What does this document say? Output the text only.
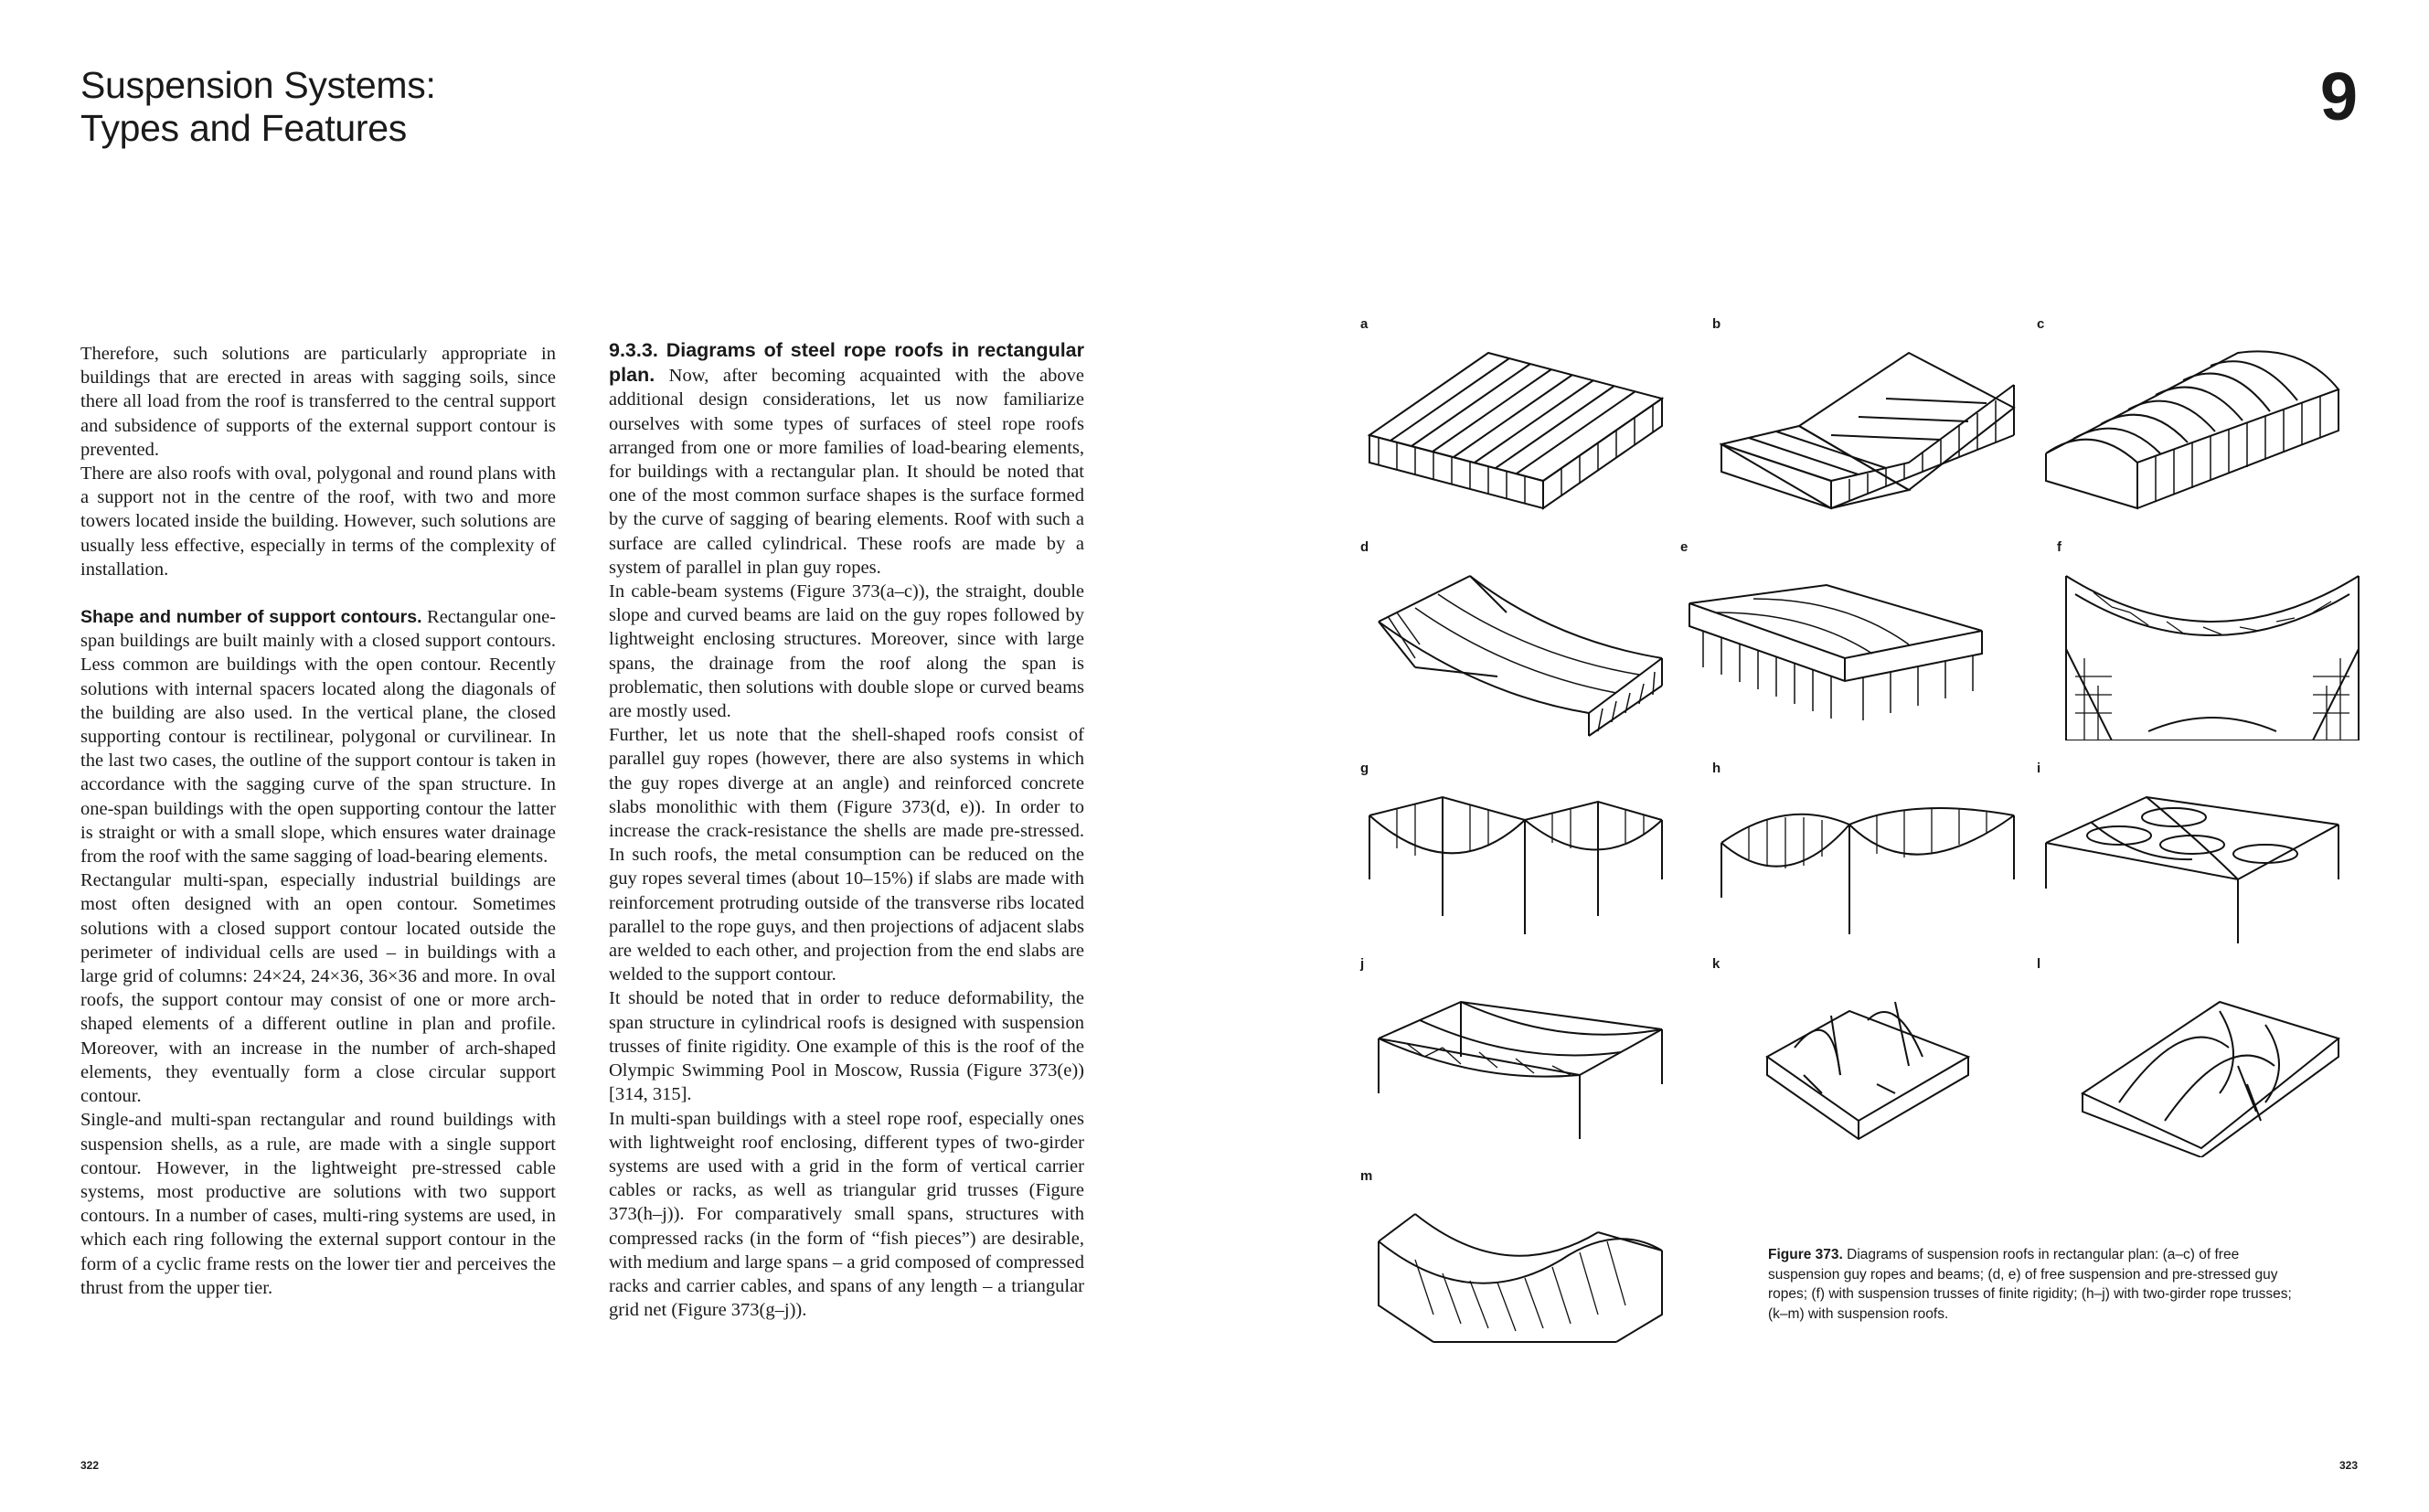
Suspension Systems:
Types and Features	9

Therefore, such solutions are particularly appropriate in buildings that are erected in areas with sagging soils, since there all load from the roof is transferred to the central support and subsidence of supports of the external support contour is prevented.

There are also roofs with oval, polygonal and round plans with a support not in the centre of the roof, with two and more towers located inside the building. However, such solutions are usually less effective, especially in terms of the complexity of installation.

Shape and number of support contours. Rectangular one-span buildings are built mainly with a closed support contours. Less common are buildings with the open contour. Recently solutions with internal spacers located along the diagonals of the building are also used. In the vertical plane, the closed supporting contour is rectilinear, polygonal or curvilinear. In the last two cases, the outline of the support contour is taken in accordance with the sagging curve of the span structure. In one-span buildings with the open supporting contour the latter is straight or with a small slope, which ensures water drainage from the roof with the same sagging of load-bearing elements.

Rectangular multi-span, especially industrial buildings are most often designed with an open contour. Sometimes solutions with a closed support contour located outside the perimeter of individual cells are used – in buildings with a large grid of columns: 24×24, 24×36, 36×36 and more. In oval roofs, the support contour may consist of one or more arch-shaped elements of a different outline in plan and profile. Moreover, with an increase in the number of arch-shaped elements, they eventually form a close circular support contour.

Single-and multi-span rectangular and round buildings with suspension shells, as a rule, are made with a single support contour. However, in the lightweight pre-stressed cable systems, most productive are solutions with two support contours. In a number of cases, multi-ring systems are used, in which each ring following the external support contour in the form of a cyclic frame rests on the lower tier and perceives the thrust from the upper tier.

9.3.3. Diagrams of steel rope roofs in rectangular plan. Now, after becoming acquainted with the above additional design considerations, let us now familiarize ourselves with some types of surfaces of steel rope roofs arranged from one or more families of load-bearing elements, for buildings with a rectangular plan. It should be noted that one of the most common surface shapes is the surface formed by the curve of sagging of bearing elements. Roof with such a surface are called cylindrical. These roofs are made by a system of parallel in plan guy ropes.

In cable-beam systems (Figure 373(a–c)), the straight, double slope and curved beams are laid on the guy ropes followed by lightweight enclosing structures. Moreover, since with large spans, the drainage from the roof along the span is problematic, then solutions with double slope or curved beams are mostly used.

Further, let us note that the shell-shaped roofs consist of parallel guy ropes (however, there are also systems in which the guy ropes diverge at an angle) and reinforced concrete slabs monolithic with them (Figure 373(d, e)). In order to increase the crack-resistance the shells are made pre-stressed. In such roofs, the metal consumption can be reduced on the guy ropes several times (about 10–15%) if slabs are made with reinforcement protruding outside of the transverse ribs located parallel to the rope guys, and then projections of adjacent slabs are welded to each other, and projection from the end slabs are welded to the support contour.

It should be noted that in order to reduce deformability, the span structure in cylindrical roofs is designed with suspension trusses of finite rigidity. One example of this is the roof of the Olympic Swimming Pool in Moscow, Russia (Figure 373(e)) [314, 315].

In multi-span buildings with a steel rope roof, especially ones with lightweight roof enclosing, different types of two-girder systems are used with a grid in the form of vertical carrier cables or racks, as well as triangular grid trusses (Figure 373(h–j)). For comparatively small spans, structures with compressed racks (in the form of “fish pieces”) are desirable, with medium and large spans – a grid composed of compressed racks and carrier cables, and spans of any length – a triangular grid net (Figure 373(g–j)).

a	b	c
d	e	f
g	h	i
j	k	l
m
Figure 373. Diagrams of suspension roofs in rectangular plan: (a–c) of free suspension guy ropes and beams; (d, e) of free suspension and pre-stressed guy ropes; (f) with suspension trusses of finite rigidity; (h–j) with two-girder rope trusses; (k–m) with suspension roofs.
322	323
